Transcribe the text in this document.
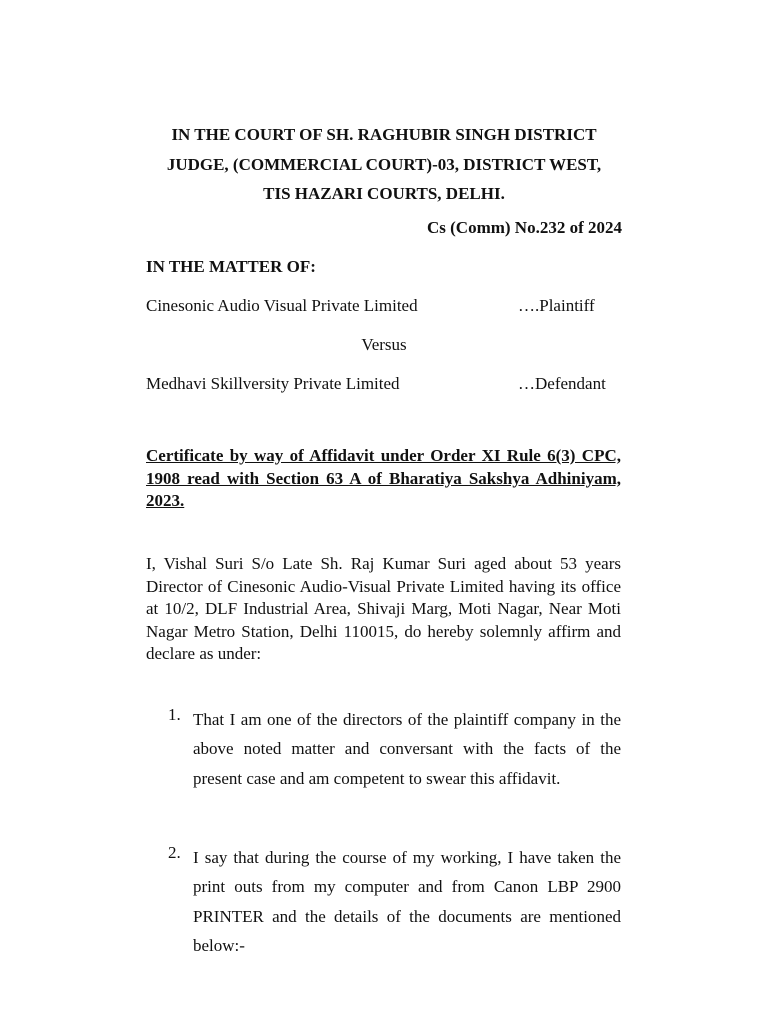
IN THE COURT OF SH. RAGHUBIR SINGH DISTRICT
JUDGE, (COMMERCIAL COURT)-03, DISTRICT WEST,
TIS HAZARI COURTS, DELHI.

Cs (Comm) No.232 of 2024

IN THE MATTER OF:

Cinesonic Audio Visual Private Limited	….Plaintiff

Versus

Medhavi Skillversity Private Limited	…Defendant

Certificate by way of Affidavit under Order XI Rule 6(3) CPC, 1908 read with Section 63 A of Bharatiya Sakshya Adhiniyam, 2023.

I, Vishal Suri S/o Late Sh. Raj Kumar Suri aged about 53 years Director of Cinesonic Audio-Visual Private Limited having its office at 10/2, DLF Industrial Area, Shivaji Marg, Moti Nagar, Near Moti Nagar Metro Station, Delhi 110015, do hereby solemnly affirm and declare as under:

1. That I am one of the directors of the plaintiff company in the above noted matter and conversant with the facts of the present case and am competent to swear this affidavit.
2. I say that during the course of my working, I have taken the print outs from my computer and from Canon LBP 2900 PRINTER and the details of the documents are mentioned below:-
